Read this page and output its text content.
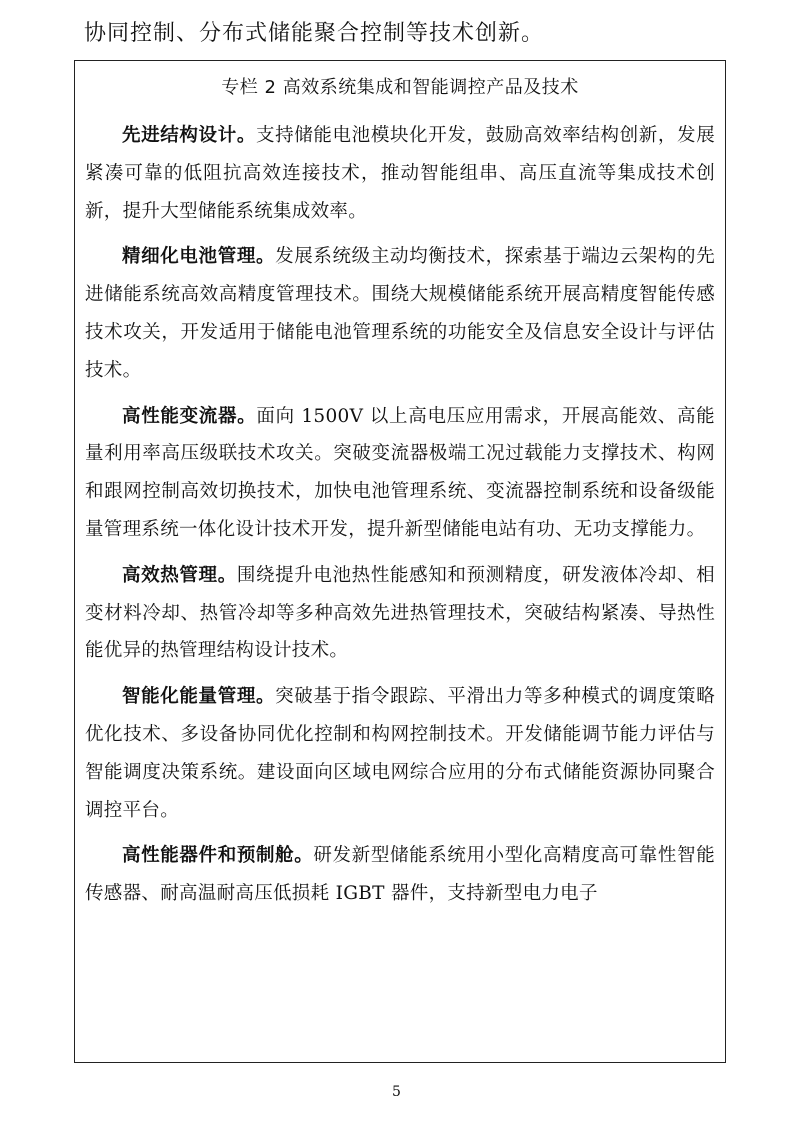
协同控制、分布式储能聚合控制等技术创新。
专栏 2 高效系统集成和智能调控产品及技术

先进结构设计。支持储能电池模块化开发，鼓励高效率结构创新，发展紧凑可靠的低阻抗高效连接技术，推动智能组串、高压直流等集成技术创新，提升大型储能系统集成效率。

精细化电池管理。发展系统级主动均衡技术，探索基于端边云架构的先进储能系统高效高精度管理技术。围绕大规模储能系统开展高精度智能传感技术攻关，开发适用于储能电池管理系统的功能安全及信息安全设计与评估技术。

高性能变流器。面向 1500V 以上高电压应用需求，开展高能效、高能量利用率高压级联技术攻关。突破变流器极端工况过载能力支撑技术、构网和跟网控制高效切换技术，加快电池管理系统、变流器控制系统和设备级能量管理系统一体化设计技术开发，提升新型储能电站有功、无功支撑能力。

高效热管理。围绕提升电池热性能感知和预测精度，研发液体冷却、相变材料冷却、热管冷却等多种高效先进热管理技术，突破结构紧凑、导热性能优异的热管理结构设计技术。

智能化能量管理。突破基于指令跟踪、平滑出力等多种模式的调度策略优化技术、多设备协同优化控制和构网控制技术。开发储能调节能力评估与智能调度决策系统。建设面向区域电网综合应用的分布式储能资源协同聚合调控平台。

高性能器件和预制舱。研发新型储能系统用小型化高精度高可靠性智能传感器、耐高温耐高压低损耗 IGBT 器件，支持新型电力电子

5
